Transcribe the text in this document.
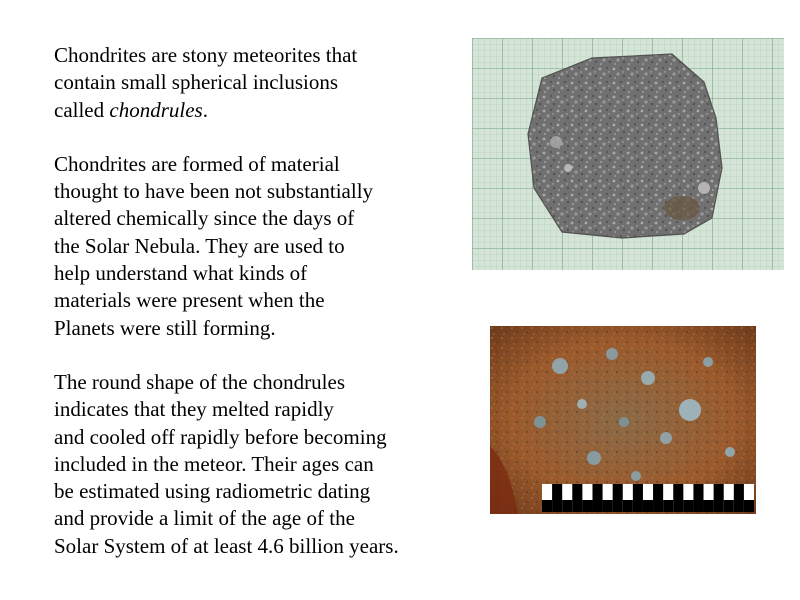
Chondrites are stony meteorites that
contain small spherical inclusions
called chondrules.

Chondrites are formed of material
thought to have been not substantially
altered chemically since the days of
the Solar Nebula. They are used to
help understand what kinds of
materials were present when the
Planets were still forming.

The round shape of the chondrules
indicates that they melted rapidly
and cooled off rapidly before becoming
included in the meteor. Their ages can
be estimated using radiometric dating
and provide a limit of the age of the
Solar System of at least 4.6 billion years.
